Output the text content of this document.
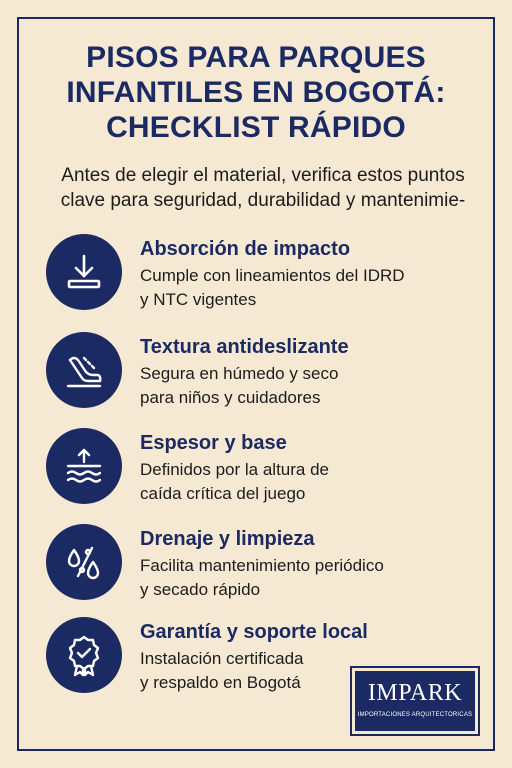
PISOS PARA PARQUES
INFANTILES EN BOGOTÁ:
CHECKLIST RÁPIDO

Antes de elegir el material, verifica estos puntos
clave para seguridad, durabilidad y mantenimie-

Absorción de impacto
Cumple con lineamientos del IDRD
y NTC vigentes
Textura antideslizante
Segura en húmedo y seco
para niños y cuidadores
Espesor y base
Definidos por la altura de
caída crítica del juego
Drenaje y limpieza
Facilita mantenimiento periódico
y secado rápido
Garantía y soporte local
Instalación certificada
y respaldo en Bogotá	IMPARK
IMPORTACIONES ARQUITECTORICAS
